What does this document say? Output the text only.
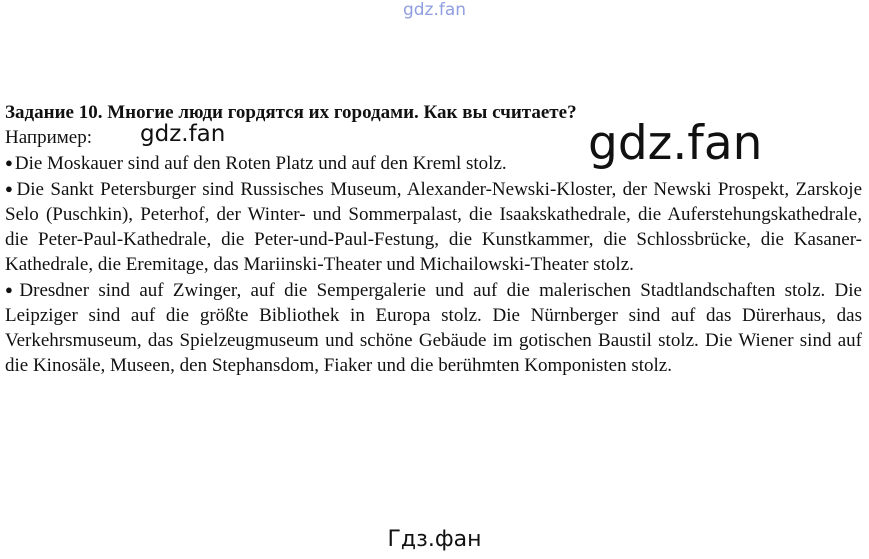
gdz.fan
Задание 10. Многие люди гордятся их городами. Как вы считаете?
Например:
● Die Moskauer sind auf den Roten Platz und auf den Kreml stolz.
● Die Sankt Petersburger sind Russisches Museum, Alexander-Newski-Kloster, der Newski Prospekt, Zarskoje Selo (Puschkin), Peterhof, der Winter- und Sommerpalast, die Isaakskathedrale, die Auferstehungskathedrale, die Peter-Paul-Kathedrale, die Peter-und-Paul-Festung, die Kunstkammer, die Schlossbrücke, die Kasaner-Kathedrale, die Eremitage, das Mariinski-Theater und Michailowski-Theater stolz.
● Dresdner sind auf Zwinger, auf die Sempergalerie und auf die malerischen Stadtlandschaften stolz. Die Leipziger sind auf die größte Bibliothek in Europa stolz. Die Nürnberger sind auf das Dürerhaus, das Verkehrsmuseum, das Spielzeugmuseum und schöne Gebäude im gotischen Baustil stolz. Die Wiener sind auf die Kinosäle, Museen, den Stephansdom, Fiaker und die berühmten Komponisten stolz.
gdz.fan	gdz.fan
Гдз.фан
